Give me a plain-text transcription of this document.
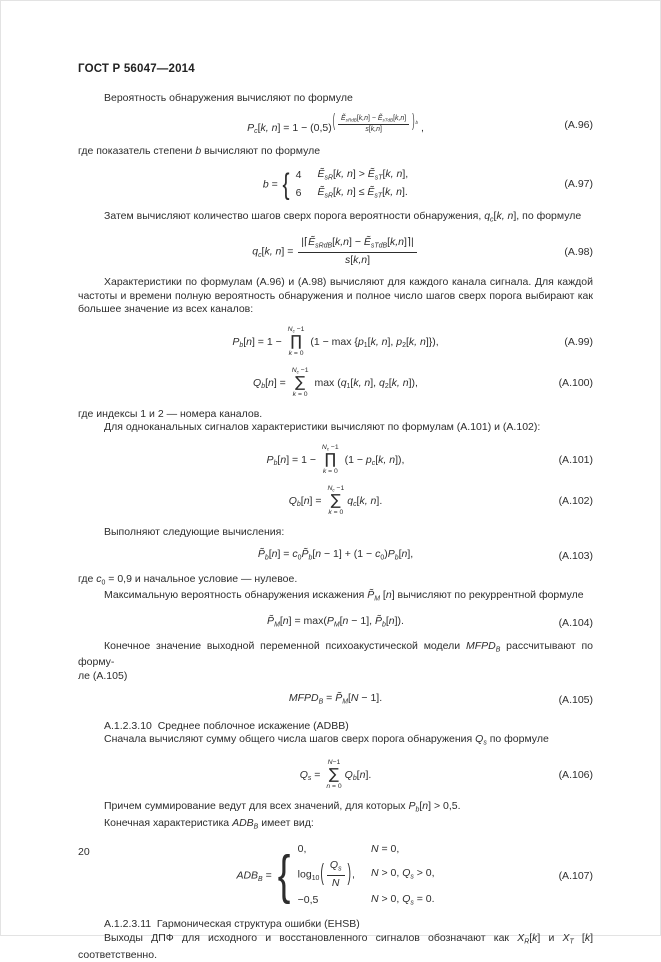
ГОСТ Р 56047—2014
Вероятность обнаружения вычисляют по формуле
$P_c[k$, n] = 1 − (0,5) ( $\frac{Ẽ_{sRdB}[k,n] - Ẽ_{sTdB}[k,n]}{s[k,n]}$ ) b ,	(А.96)
где показатель степени b вычисляют по формуле
b = { 4 $Ẽ_{sR}[k$, $n] > Ẽ_{sT}[k$, n],
6 $Ẽ_{sR}[k$, $n] \le Ẽ_{sT}[k$, n].
(А.97)
Затем вычисляют количество шагов сверх порога вероятности обнаружения, $q_c[k$, n], по формуле
$q_c[k$, $n] = \frac{|⌈Ẽ_{sRdB}[k,n] - Ẽ_{sTdB}[k,n]⌉|}{s[k,n]}$	(А.98)
Характеристики по формулам (А.96) и (А.98) вычисляют для каждого канала сигнала. Для каждой частоты и времени полную вероятность обнаружения и полное число шагов сверх порога выбирают как большее значение из всех каналов:
$P_b[n] = 1$ −
$N_c -1$
∏
k = 0
($1 - \max \{p_1[k$, n], $p_2[k$, n]}),	(А.99)
$Q_b[n]$ =
$N_c -1$
∑
k = 0
$\max (q_1[k$, n], $q_2[k$, n]),	(А.100)
где индексы 1 и 2 — номера каналов.
Для одноканальных сигналов характеристики вычисляют по формулам (А.101) и (А.102):
$P_b[n] = 1$ −
$N_c -1$
∏
k = 0
($1 - p_c[k$, n]),	(А.101)
$Q_b[n]$ =
$N_c -1$
∑
k = 0
$q_c[k$, n].	(А.102)
Выполняют следующие вычисления:
$P̃_b[n]$ = $c_0P̃_b[n - 1] + (1 - c_0)P_b[n]$,	(А.103)
где $c_0 = 0,9$ и начальное условие — нулевое.
Максимальную вероятность обнаружения искажения $P̃_M$ [n] вычисляют по рекуррентной формуле
$P̃_M[n] = \max(P_M[n - 1]$, $P̃_b[n]$).	(А.104)
Конечное значение выходной переменной психоакустической модели $MFPD_B$ рассчитывают по форму-
ле (А.105)
$MFPD_B$ = $P̃_M[N - 1]$.	(А.105)
А.1.2.3.10  Среднее поблочное искажение (ADBB)
Сначала вычисляют сумму общего числа шагов сверх порога обнаружения $Q_s$ по формуле
$Q_s$ =
N−1
∑
n = 0
$Q_b[n]$.	(А.106)
Причем суммирование ведут для всех значений, для которых $P_b[n] > 0,5$.
Конечная характеристика $ADB_B$ имеет вид:
$ADB_B$ = { 0,	N = 0,
$\log_{10}$ ( $\frac{Q_s}{N}$ ) , N > 0, $Q_s > 0$,
−0,5	N > 0, $Q_s = 0$.
(А.107)
А.1.2.3.11  Гармоническая структура ошибки (EHSB)
Выходы ДПФ для исходного и восстановленного сигналов обозначают как $X_R[k]$ и $X_T$ [k] соответственно.
20
